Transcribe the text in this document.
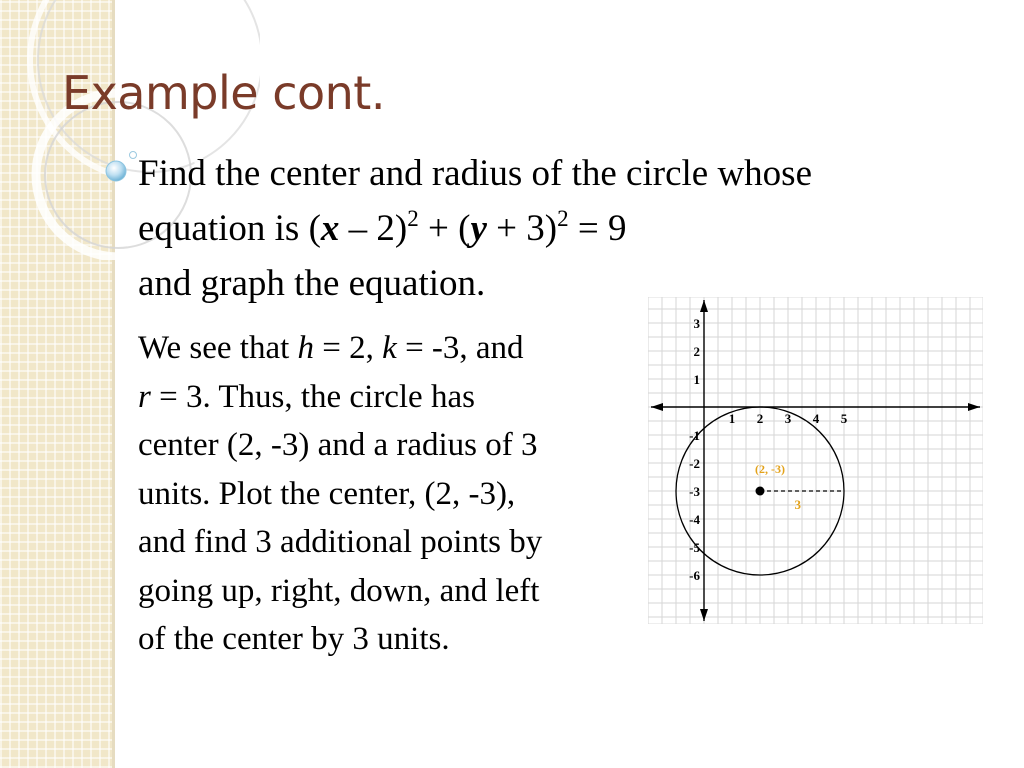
Example cont.
Find the center and radius of the circle whose
equation is $(x - 2)^2 + (y + 3)^2 = 9$
and graph the equation.
We see that h = 2, k = -3, and
r = 3. Thus, the circle has
center (2, -3) and a radius of 3
units. Plot the center, (2, -3),
and find 3 additional points by
going up, right, down, and left
of the center by 3 units.
1 2 3 4 5
3
2
1
-1
-2
-3
-4
-5
-6
(2, -3)
3
